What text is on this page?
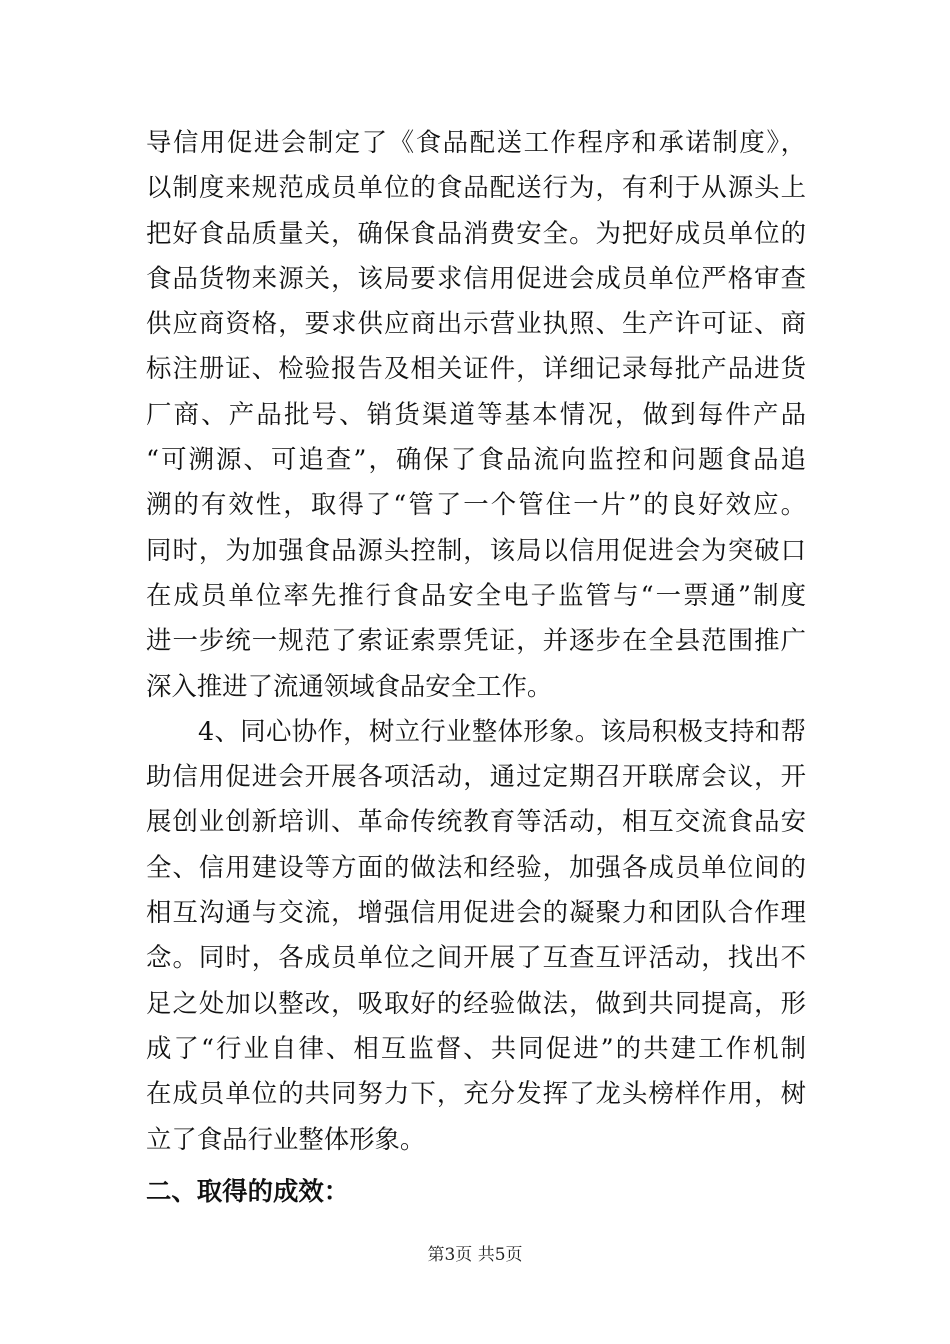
导信用促进会制定了《食品配送工作程序和承诺制度》，
以制度来规范成员单位的食品配送行为，有利于从源头上
把好食品质量关，确保食品消费安全。为把好成员单位的
食品货物来源关，该局要求信用促进会成员单位严格审查
供应商资格，要求供应商出示营业执照、生产许可证、商
标注册证、检验报告及相关证件，详细记录每批产品进货
厂商、产品批号、销货渠道等基本情况，做到每件产品
“可溯源、可追查”，确保了食品流向监控和问题食品追
溯的有效性，取得了“管了一个管住一片”的良好效应。
同时，为加强食品源头控制，该局以信用促进会为突破口
在成员单位率先推行食品安全电子监管与“一票通”制度
进一步统一规范了索证索票凭证，并逐步在全县范围推广
深入推进了流通领域食品安全工作。
4、同心协作，树立行业整体形象。该局积极支持和帮
助信用促进会开展各项活动，通过定期召开联席会议，开
展创业创新培训、革命传统教育等活动，相互交流食品安
全、信用建设等方面的做法和经验，加强各成员单位间的
相互沟通与交流，增强信用促进会的凝聚力和团队合作理
念。同时，各成员单位之间开展了互查互评活动，找出不
足之处加以整改，吸取好的经验做法，做到共同提高，形
成了“行业自律、相互监督、共同促进”的共建工作机制
在成员单位的共同努力下，充分发挥了龙头榜样作用，树
立了食品行业整体形象。
二、取得的成效：
第3页 共5页
